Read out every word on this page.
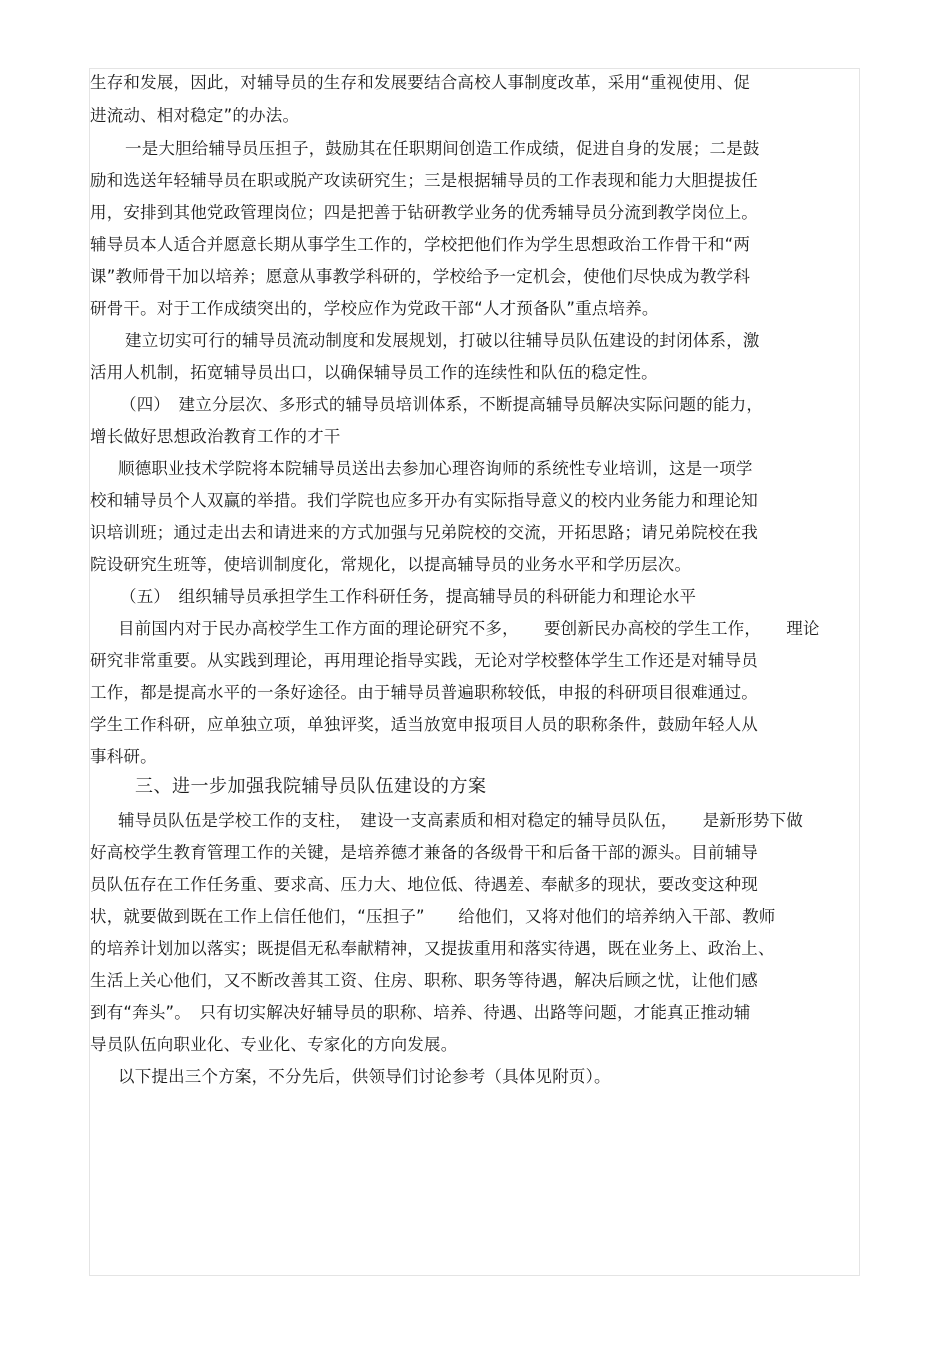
生存和发展，因此，对辅导员的生存和发展要结合高校人事制度改革，采用“重视使用、促
进流动、相对稳定”的办法。
一是大胆给辅导员压担子，鼓励其在任职期间创造工作成绩，促进自身的发展；二是鼓
励和选送年轻辅导员在职或脱产攻读研究生；三是根据辅导员的工作表现和能力大胆提拔任
用，安排到其他党政管理岗位；四是把善于钻研教学业务的优秀辅导员分流到教学岗位上。
辅导员本人适合并愿意长期从事学生工作的，学校把他们作为学生思想政治工作骨干和“两
课”教师骨干加以培养；愿意从事教学科研的，学校给予一定机会，使他们尽快成为教学科
研骨干。对于工作成绩突出的，学校应作为党政干部“人才预备队”重点培养。
建立切实可行的辅导员流动制度和发展规划，打破以往辅导员队伍建设的封闭体系，激
活用人机制，拓宽辅导员出口，以确保辅导员工作的连续性和队伍的稳定性。
（四）　建立分层次、多形式的辅导员培训体系，不断提高辅导员解决实际问题的能力，
增长做好思想政治教育工作的才干
顺德职业技术学院将本院辅导员送出去参加心理咨询师的系统性专业培训，这是一项学
校和辅导员个人双赢的举措。我们学院也应多开办有实际指导意义的校内业务能力和理论知
识培训班；通过走出去和请进来的方式加强与兄弟院校的交流，开拓思路；请兄弟院校在我
院设研究生班等，使培训制度化，常规化，以提高辅导员的业务水平和学历层次。
（五）　组织辅导员承担学生工作科研任务，提高辅导员的科研能力和理论水平
目前国内对于民办高校学生工作方面的理论研究不多，　　要创新民办高校的学生工作，　　理论
研究非常重要。从实践到理论，再用理论指导实践，无论对学校整体学生工作还是对辅导员
工作，都是提高水平的一条好途径。由于辅导员普遍职称较低，申报的科研项目很难通过。
学生工作科研，应单独立项，单独评奖，适当放宽申报项目人员的职称条件，鼓励年轻人从
事科研。
三、进一步加强我院辅导员队伍建设的方案
辅导员队伍是学校工作的支柱，　建设一支高素质和相对稳定的辅导员队伍，　　是新形势下做
好高校学生教育管理工作的关键，是培养德才兼备的各级骨干和后备干部的源头。目前辅导
员队伍存在工作任务重、要求高、压力大、地位低、待遇差、奉献多的现状，要改变这种现
状，就要做到既在工作上信任他们，“压担子”　　给他们，又将对他们的培养纳入干部、教师
的培养计划加以落实；既提倡无私奉献精神，又提拔重用和落实待遇，既在业务上、政治上、
生活上关心他们，又不断改善其工资、住房、职称、职务等待遇，解决后顾之忧，让他们感
到有“奔头”。　只有切实解决好辅导员的职称、培养、待遇、出路等问题，才能真正推动辅
导员队伍向职业化、专业化、专家化的方向发展。
以下提出三个方案，不分先后，供领导们讨论参考（具体见附页）。
